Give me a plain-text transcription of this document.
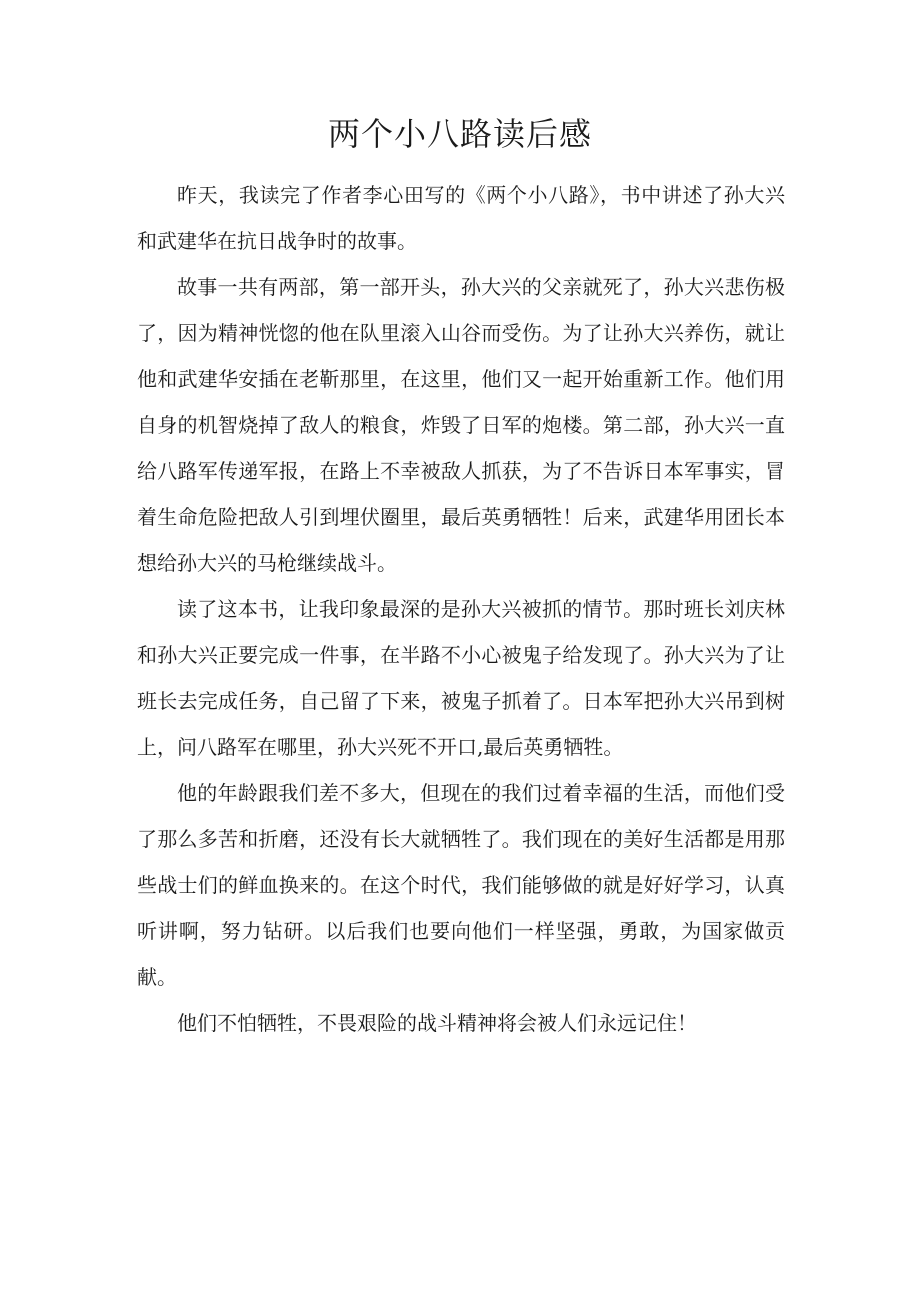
两个小八路读后感

昨天，我读完了作者李心田写的《两个小八路》，书中讲述了孙大兴和武建华在抗日战争时的故事。

故事一共有两部，第一部开头，孙大兴的父亲就死了，孙大兴悲伤极了，因为精神恍惚的他在队里滚入山谷而受伤。为了让孙大兴养伤，就让他和武建华安插在老靳那里，在这里，他们又一起开始重新工作。他们用自身的机智烧掉了敌人的粮食，炸毁了日军的炮楼。第二部，孙大兴一直给八路军传递军报，在路上不幸被敌人抓获，为了不告诉日本军事实，冒着生命危险把敌人引到埋伏圈里，最后英勇牺牲！后来，武建华用团长本想给孙大兴的马枪继续战斗。

读了这本书，让我印象最深的是孙大兴被抓的情节。那时班长刘庆林和孙大兴正要完成一件事，在半路不小心被鬼子给发现了。孙大兴为了让班长去完成任务，自己留了下来，被鬼子抓着了。日本军把孙大兴吊到树上，问八路军在哪里，孙大兴死不开口,最后英勇牺牲。

他的年龄跟我们差不多大，但现在的我们过着幸福的生活，而他们受了那么多苦和折磨，还没有长大就牺牲了。我们现在的美好生活都是用那些战士们的鲜血换来的。在这个时代，我们能够做的就是好好学习，认真听讲啊，努力钻研。以后我们也要向他们一样坚强，勇敢，为国家做贡献。

他们不怕牺牲，不畏艰险的战斗精神将会被人们永远记住！
